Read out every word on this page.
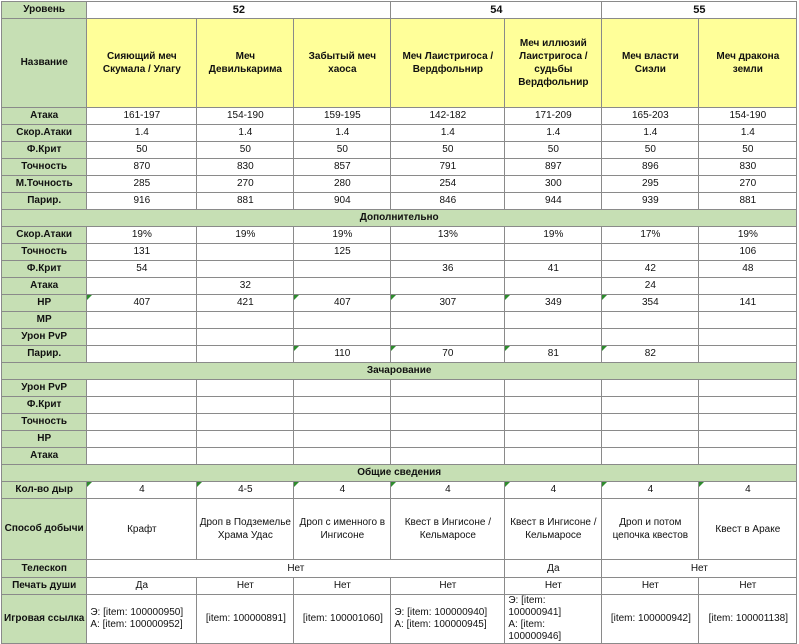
Уровень	52			54		55	
Название	Сияющий меч Скумала / Улагу	Меч Девилькарима	Забытый меч хаоса	Меч Лаистригоса / Вердфольнир	Меч иллюзий Лаистригоса / судьбы Вердфольнир	Меч власти Сиэли	Меч дракона земли
Атака	161-197	154-190	159-195	142-182	171-209	165-203	154-190
Скор.Атаки	1.4	1.4	1.4	1.4	1.4	1.4	1.4
Ф.Крит	50	50	50	50	50	50	50
Точность	870	830	857	791	897	896	830
М.Точность	285	270	280	254	300	295	270
Парир.	916	881	904	846	944	939	881
Дополнительно							
Скор.Атаки	19%	19%	19%	13%	19%	17%	19%
Точность	131		125				106
Ф.Крит	54			36	41	42	48
Атака		32				24	
HP	407	421	407	307	349	354	141
MP							
Урон PvP							
Парир.			110	70	81	82	
Зачарование							
Урон PvP							
Ф.Крит							
Точность							
HP							
Атака							
Общие сведения							
Кол-во дыр	4	4-5	4	4	4	4	4
Способ добычи	Крафт	Дроп в Подземелье Храма Удас	Дроп с именного в Ингисоне	Квест в Ингисоне / Кельмаросе	Квест в Ингисоне / Кельмаросе	Дроп и потом цепочка квестов	Квест в Араке
Телескоп	Нет				Да	Нет	
Печать души	Да	Нет	Нет	Нет	Нет	Нет	Нет
Игровая ссылка	Э: [item: 100000950]
А: [item: 100000952]	[item: 100000891]	[item: 100001060]	Э: [item: 100000940]
А: [item: 100000945]	Э: [item: 100000941]
А: [item: 100000946]	[item: 100000942]	[item: 100001138]
